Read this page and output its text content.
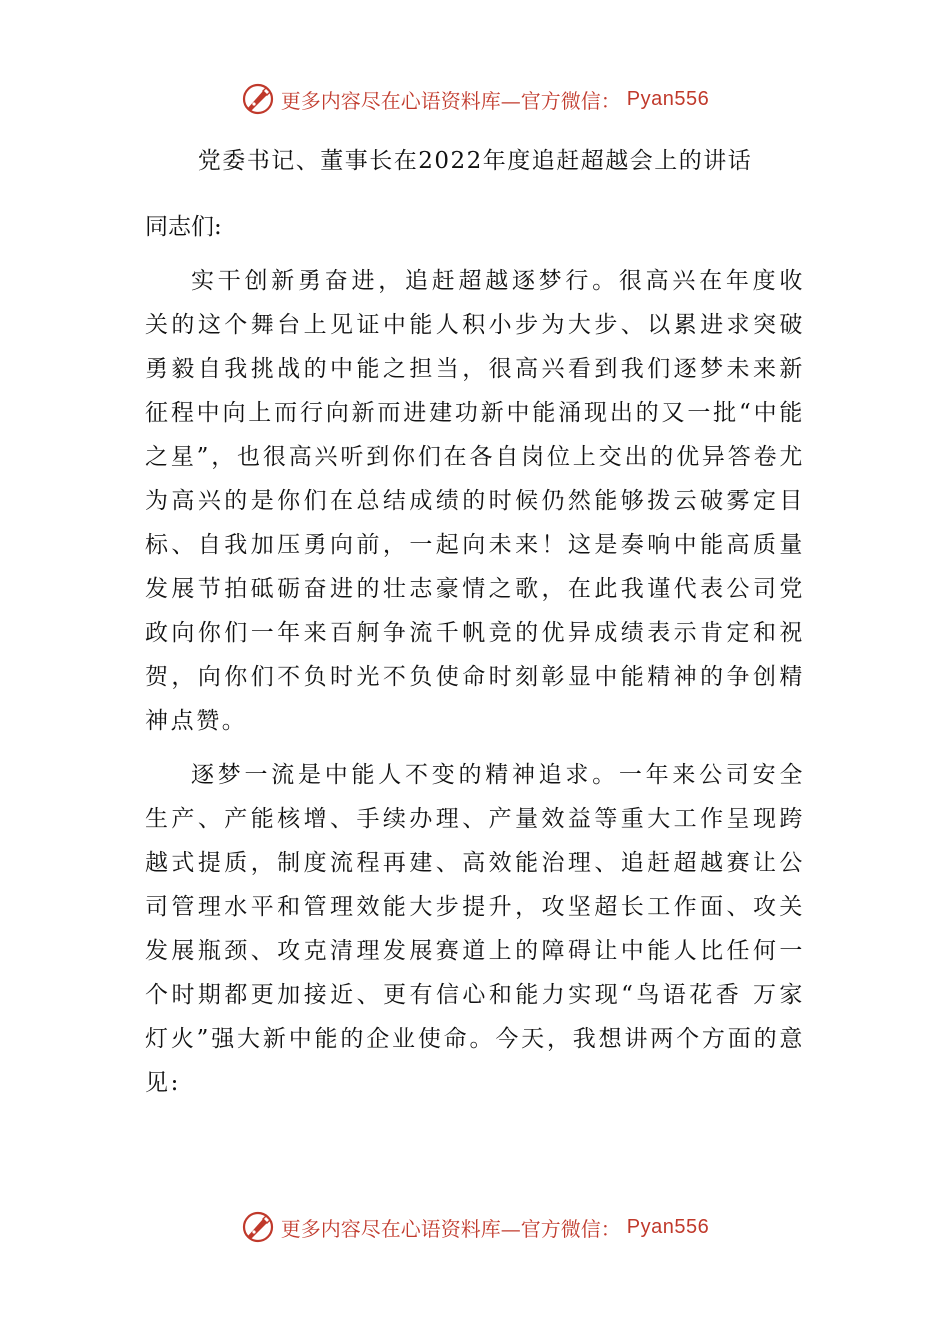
更多内容尽在心语资料库—官方微信： Pyan556
党委书记、董事长在2022年度追赶超越会上的讲话
同志们:

实干创新勇奋进，追赶超越逐梦行。很高兴在年度收关的这个舞台上见证中能人积小步为大步、以累进求突破勇毅自我挑战的中能之担当，很高兴看到我们逐梦未来新征程中向上而行向新而进建功新中能涌现出的又一批“中能之星”，也很高兴听到你们在各自岗位上交出的优异答卷尤为高兴的是你们在总结成绩的时候仍然能够拨云破雾定目标、自我加压勇向前，一起向未来！这是奏响中能高质量发展节拍砥砺奋进的壮志豪情之歌，在此我谨代表公司党政向你们一年来百舸争流千帆竞的优异成绩表示肯定和祝贺，向你们不负时光不负使命时刻彰显中能精神的争创精神点赞。

逐梦一流是中能人不变的精神追求。一年来公司安全生产、产能核增、手续办理、产量效益等重大工作呈现跨越式提质，制度流程再建、高效能治理、追赶超越赛让公司管理水平和管理效能大步提升，攻坚超长工作面、攻关发展瓶颈、攻克清理发展赛道上的障碍让中能人比任何一个时期都更加接近、更有信心和能力实现“鸟语花香 万家灯火”强大新中能的企业使命。今天，我想讲两个方面的意见:

更多内容尽在心语资料库—官方微信： Pyan556
